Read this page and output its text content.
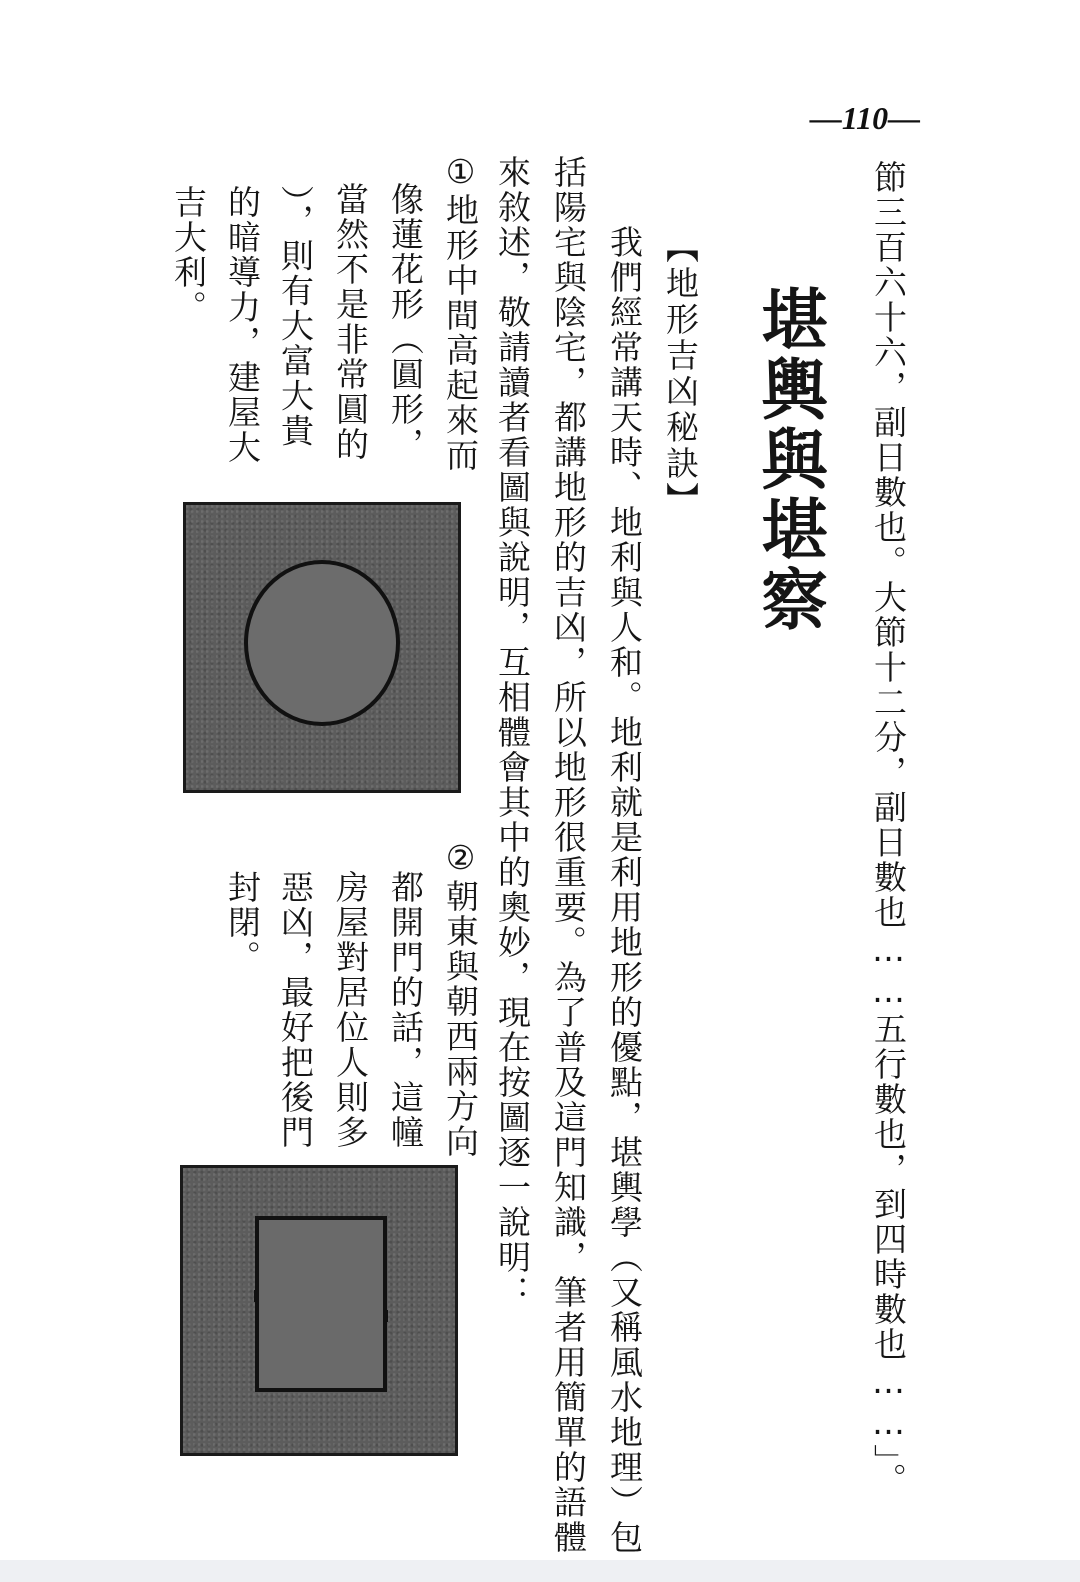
—110—
節三百六十六，副日數也。大節十二分，副日數也……五行數也，到四時數也……」。
堪輿與堪察
【地形吉凶秘訣】
我們經常講天時、地利與人和。地利就是利用地形的優點，堪輿學（又稱風水地理）包
括陽宅與陰宅，都講地形的吉凶，所以地形很重要。為了普及這門知識，筆者用簡單的語體
來敘述，敬請讀者看圖與說明，互相體會其中的奧妙，現在按圖逐一說明：
①地形中間高起來而
像蓮花形（圓形，
當然不是非常圓的
），則有大富大貴
的暗導力，建屋大
吉大利。
②朝東與朝西兩方向
都開門的話，這幢
房屋對居位人則多
惡凶，最好把後門
封閉。
